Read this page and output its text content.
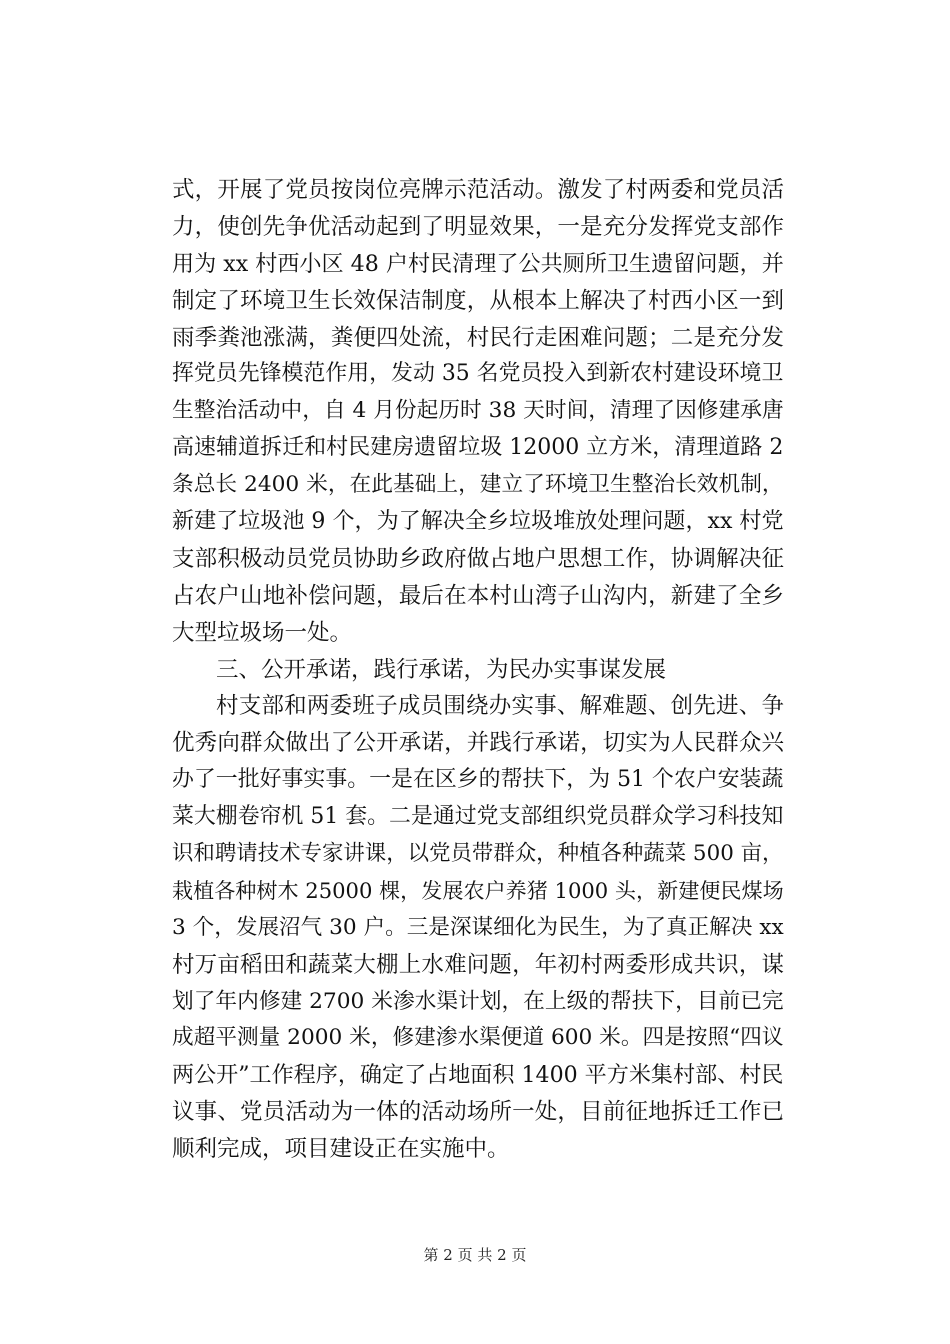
式，开展了党员按岗位亮牌示范活动。激发了村两委和党员活
力，使创先争优活动起到了明显效果，一是充分发挥党支部作
用为 xx 村西小区 48 户村民清理了公共厕所卫生遗留问题，并
制定了环境卫生长效保洁制度，从根本上解决了村西小区一到
雨季粪池涨满，粪便四处流，村民行走困难问题；二是充分发
挥党员先锋模范作用，发动 35 名党员投入到新农村建设环境卫
生整治活动中，自 4 月份起历时 38 天时间，清理了因修建承唐
高速辅道拆迁和村民建房遗留垃圾 12000 立方米，清理道路 2
条总长 2400 米，在此基础上，建立了环境卫生整治长效机制，
新建了垃圾池 9 个，为了解决全乡垃圾堆放处理问题，xx 村党
支部积极动员党员协助乡政府做占地户思想工作，协调解决征
占农户山地补偿问题，最后在本村山湾子山沟内，新建了全乡
大型垃圾场一处。
三、公开承诺，践行承诺，为民办实事谋发展
村支部和两委班子成员围绕办实事、解难题、创先进、争
优秀向群众做出了公开承诺，并践行承诺，切实为人民群众兴
办了一批好事实事。一是在区乡的帮扶下，为 51 个农户安装蔬
菜大棚卷帘机 51 套。二是通过党支部组织党员群众学习科技知
识和聘请技术专家讲课，以党员带群众，种植各种蔬菜 500 亩，
栽植各种树木 25000 棵，发展农户养猪 1000 头，新建便民煤场
3 个，发展沼气 30 户。三是深谋细化为民生，为了真正解决 xx
村万亩稻田和蔬菜大棚上水难问题，年初村两委形成共识，谋
划了年内修建 2700 米渗水渠计划，在上级的帮扶下，目前已完
成超平测量 2000 米，修建渗水渠便道 600 米。四是按照“四议
两公开”工作程序，确定了占地面积 1400 平方米集村部、村民
议事、党员活动为一体的活动场所一处，目前征地拆迁工作已
顺利完成，项目建设正在实施中。
第 2 页 共 2 页
